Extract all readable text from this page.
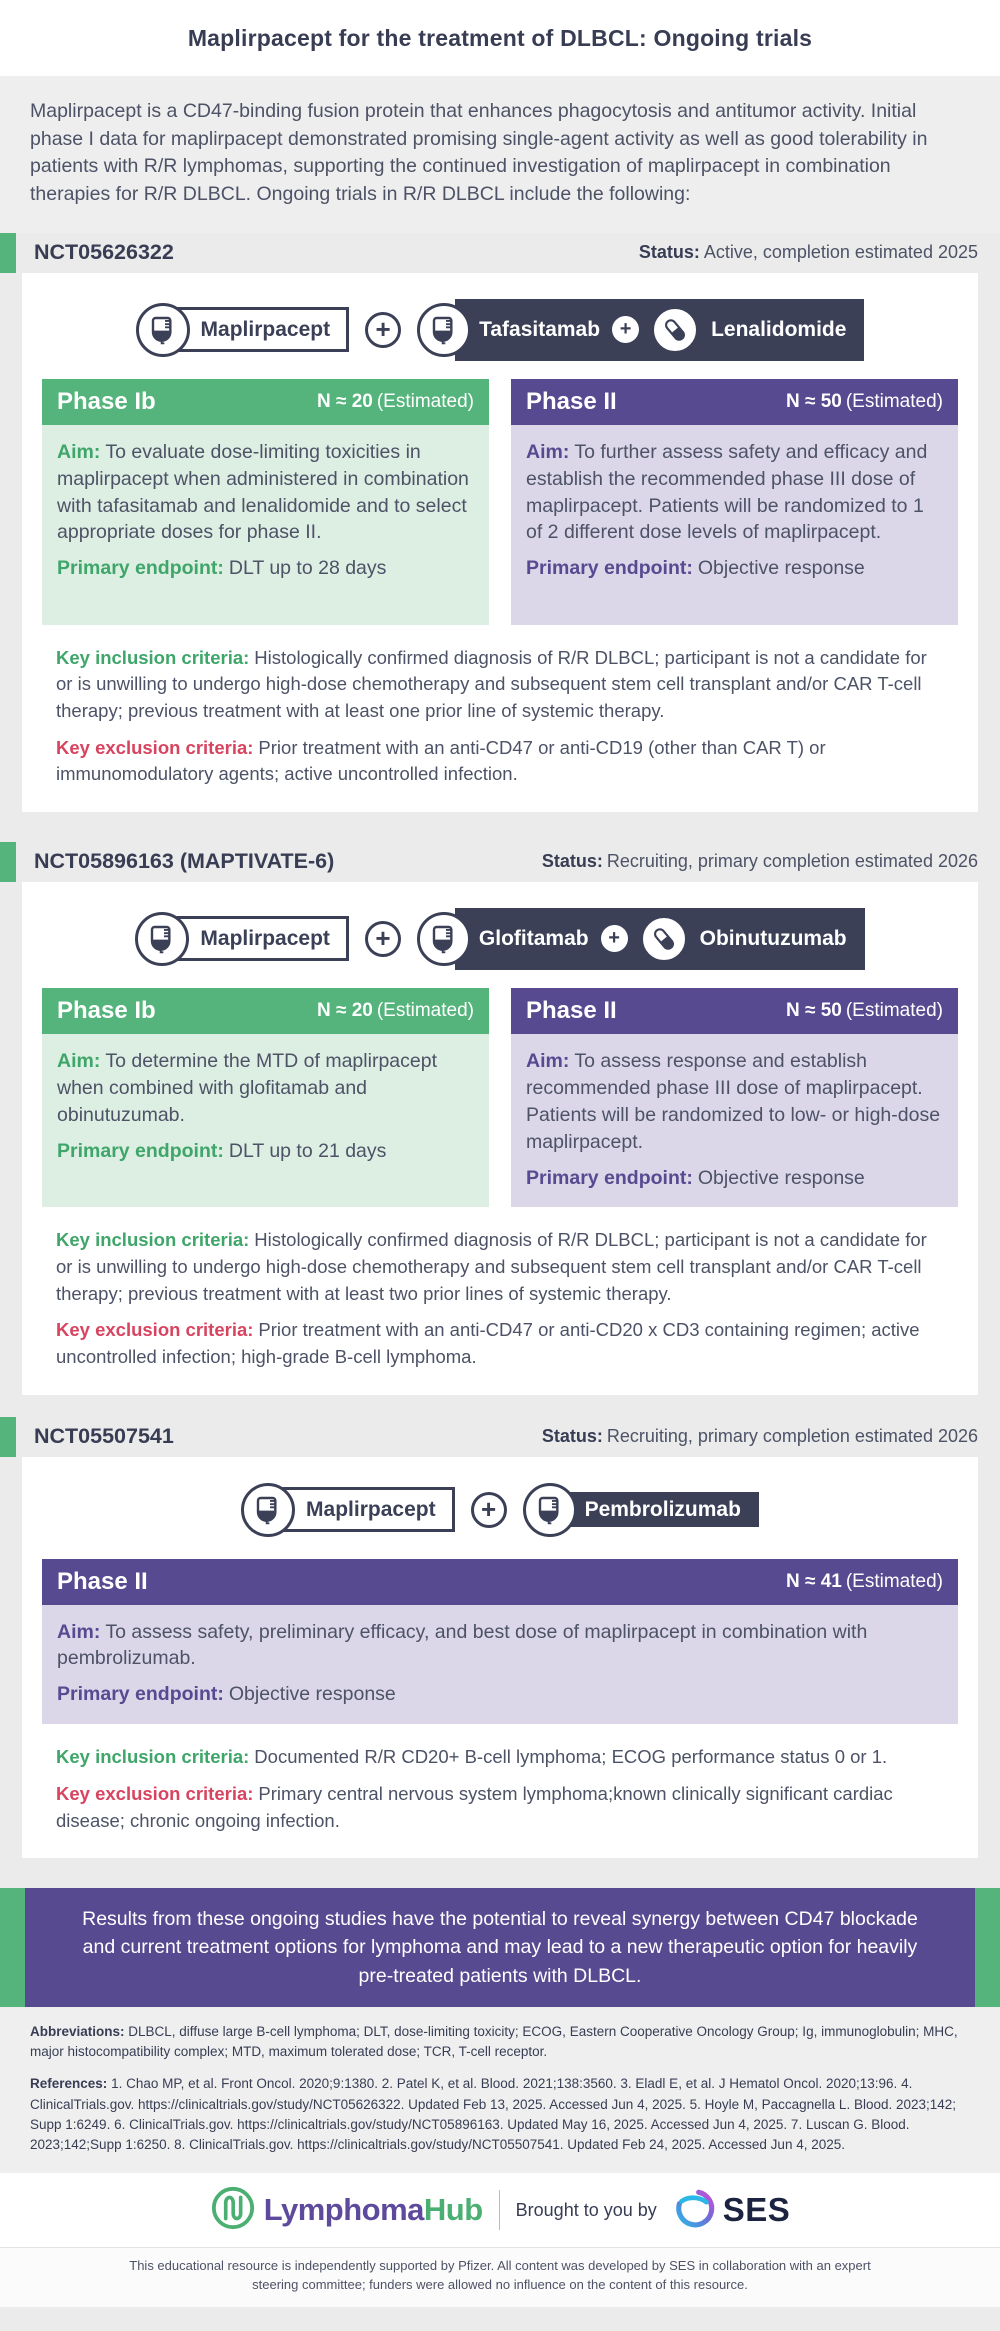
Maplirpacept for the treatment of DLBCL: Ongoing trials

Maplirpacept is a CD47-binding fusion protein that enhances phagocytosis and antitumor activity. Initial phase I data for maplirpacept demonstrated promising single-agent activity as well as good tolerability in patients with R/R lymphomas, supporting the continued investigation of maplirpacept in combination therapies for R/R DLBCL. Ongoing trials in R/R DLBCL include the following:

NCT05626322	Status: Active, completion estimated 2025
Maplirpacept	+	Tafasitamab +	Lenalidomide
Phase Ib	N ≈ 20 (Estimated)

Aim: To evaluate dose-limiting toxicities in maplirpacept when administered in combination with tafasitamab and lenalidomide and to select appropriate doses for phase II.

Primary endpoint: DLT up to 28 days

Phase II	N ≈ 50 (Estimated)

Aim: To further assess safety and efficacy and establish the recommended phase III dose of maplirpacept. Patients will be randomized to 1 of 2 different dose levels of maplirpacept.

Primary endpoint: Objective response

Key inclusion criteria: Histologically confirmed diagnosis of R/R DLBCL; participant is not a candidate for or is unwilling to undergo high-dose chemotherapy and subsequent stem cell transplant and/or CAR T-cell therapy; previous treatment with at least one prior line of systemic therapy.

Key exclusion criteria: Prior treatment with an anti-CD47 or anti-CD19 (other than CAR T) or immunomodulatory agents; active uncontrolled infection.

NCT05896163 (MAPTIVATE-6)	Status: Recruiting, primary completion estimated 2026
Maplirpacept	+	Glofitamab +	Obinutuzumab
Phase Ib	N ≈ 20 (Estimated)

Aim: To determine the MTD of maplirpacept when combined with glofitamab and obinutuzumab.

Primary endpoint: DLT up to 21 days

Phase II	N ≈ 50 (Estimated)

Aim: To assess response and establish recommended phase III dose of maplirpacept. Patients will be randomized to low- or high-dose maplirpacept.

Primary endpoint: Objective response

Key inclusion criteria: Histologically confirmed diagnosis of R/R DLBCL; participant is not a candidate for or is unwilling to undergo high-dose chemotherapy and subsequent stem cell transplant and/or CAR T-cell therapy; previous treatment with at least two prior lines of systemic therapy.

Key exclusion criteria: Prior treatment with an anti-CD47 or anti-CD20 x CD3 containing regimen; active uncontrolled infection; high-grade B-cell lymphoma.

NCT05507541	Status: Recruiting, primary completion estimated 2026
Maplirpacept	+	Pembrolizumab
Phase II	N ≈ 41 (Estimated)

Aim: To assess safety, preliminary efficacy, and best dose of maplirpacept in combination with pembrolizumab.

Primary endpoint: Objective response

Key inclusion criteria: Documented R/R CD20+ B-cell lymphoma; ECOG performance status 0 or 1.

Key exclusion criteria: Primary central nervous system lymphoma;known clinically significant cardiac disease; chronic ongoing infection.

Results from these ongoing studies have the potential to reveal synergy between CD47 blockade and current treatment options for lymphoma and may lead to a new therapeutic option for heavily pre-treated patients with DLBCL.

Abbreviations: DLBCL, diffuse large B-cell lymphoma; DLT, dose-limiting toxicity; ECOG, Eastern Cooperative Oncology Group; Ig, immunoglobulin; MHC, major histocompatibility complex; MTD, maximum tolerated dose; TCR, T-cell receptor.

References: 1. Chao MP, et al. Front Oncol. 2020;9:1380. 2. Patel K, et al. Blood. 2021;138:3560. 3. Eladl E, et al. J Hematol Oncol. 2020;13:96. 4. ClinicalTrials.gov. https://clinicaltrials.gov/study/NCT05626322. Updated Feb 13, 2025. Accessed Jun 4, 2025. 5. Hoyle M, Paccagnella L. Blood. 2023;142; Supp 1:6249. 6. ClinicalTrials.gov. https://clinicaltrials.gov/study/NCT05896163. Updated May 16, 2025. Accessed Jun 4, 2025. 7. Luscan G. Blood. 2023;142;Supp 1:6250. 8. ClinicalTrials.gov. https://clinicaltrials.gov/study/NCT05507541. Updated Feb 24, 2025. Accessed Jun 4, 2025.

LymphomaHub Brought to you by SES
This educational resource is independently supported by Pfizer. All content was developed by SES in collaboration with an expert steering committee; funders were allowed no influence on the content of this resource.
